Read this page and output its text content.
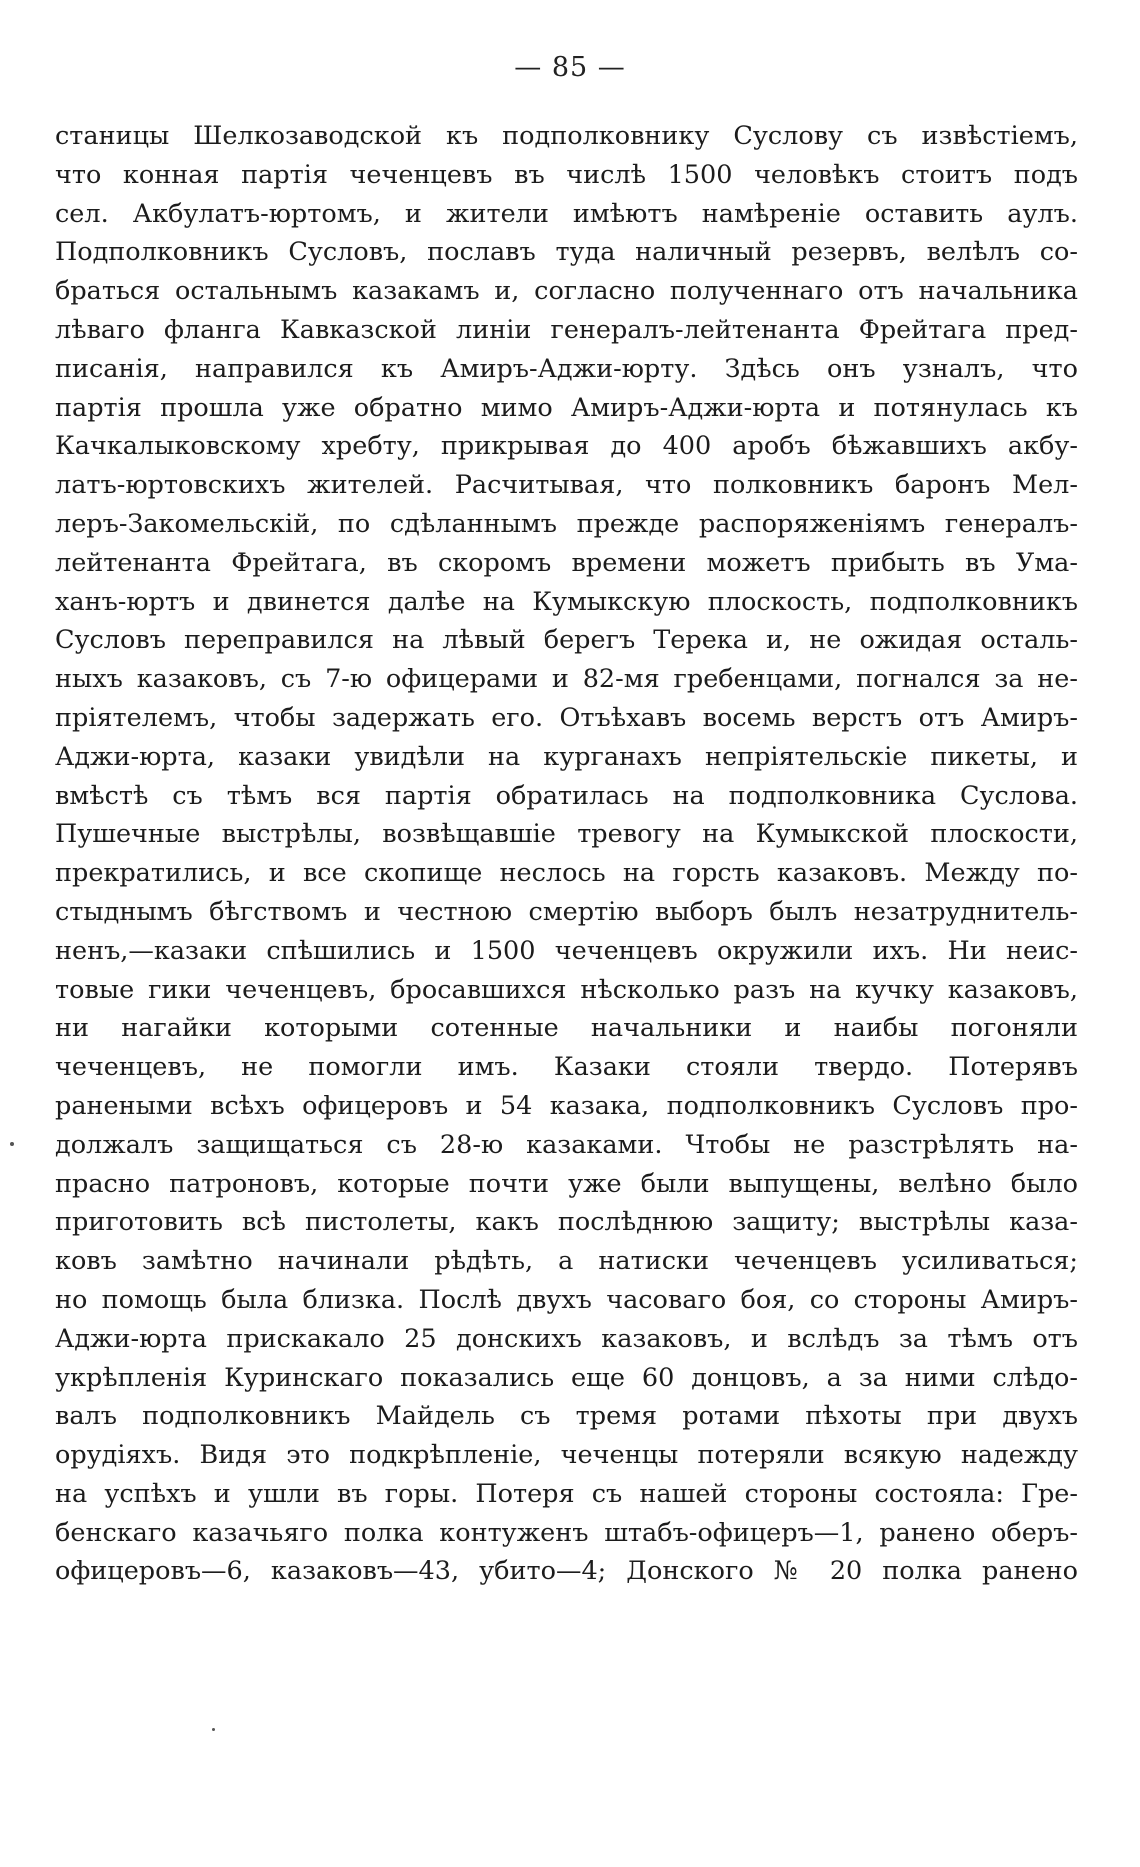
— 85 —
станицы Шелкозаводской къ подполковнику Суслову съ извѣстіемъ,
что конная партія чеченцевъ въ числѣ 1500 человѣкъ стоитъ подъ
сел. Акбулатъ-юртомъ, и жители имѣютъ намѣреніе оставить аулъ.
Подполковникъ Сусловъ, пославъ туда наличный резервъ, велѣлъ со-
браться остальнымъ казакамъ и, согласно полученнаго отъ начальника
лѣваго фланга Кавказской линіи генералъ-лейтенанта Фрейтага пред-
писанія, направился къ Амиръ-Аджи-юрту. Здѣсь онъ узналъ, что
партія прошла уже обратно мимо Амиръ-Аджи-юрта и потянулась къ
Качкалыковскому хребту, прикрывая до 400 аробъ бѣжавшихъ акбу-
латъ-юртовскихъ жителей. Расчитывая, что полковникъ баронъ Мел-
леръ-Закомельскій, по сдѣланнымъ прежде распоряженіямъ генералъ-
лейтенанта Фрейтага, въ скоромъ времени можетъ прибыть въ Ума-
ханъ-юртъ и двинется далѣе на Кумыкскую плоскость, подполковникъ
Сусловъ переправился на лѣвый берегъ Терека и, не ожидая осталь-
ныхъ казаковъ, съ 7-ю офицерами и 82-мя гребенцами, погнался за не-
пріятелемъ, чтобы задержать его. Отъѣхавъ восемь верстъ отъ Амиръ-
Аджи-юрта, казаки увидѣли на курганахъ непріятельскіе пикеты, и
вмѣстѣ съ тѣмъ вся партія обратилась на подполковника Суслова.
Пушечные выстрѣлы, возвѣщавшіе тревогу на Кумыкской плоскости,
прекратились, и все скопище неслось на горсть казаковъ. Между по-
стыднымъ бѣгствомъ и честною смертію выборъ былъ незатруднитель-
ненъ,—казаки спѣшились и 1500 чеченцевъ окружили ихъ. Ни неис-
товые гики чеченцевъ, бросавшихся нѣсколько разъ на кучку казаковъ,
ни нагайки которыми сотенные начальники и наибы погоняли
чеченцевъ, не помогли имъ. Казаки стояли твердо. Потерявъ
ранеными всѣхъ офицеровъ и 54 казака, подполковникъ Сусловъ про-
должалъ защищаться съ 28-ю казаками. Чтобы не разстрѣлять на-
прасно патроновъ, которые почти уже были выпущены, велѣно было
приготовить всѣ пистолеты, какъ послѣднюю защиту; выстрѣлы каза-
ковъ замѣтно начинали рѣдѣть, а натиски чеченцевъ усиливаться;
но помощь была близка. Послѣ двухъ часоваго боя, со стороны Амиръ-
Аджи-юрта прискакало 25 донскихъ казаковъ, и вслѣдъ за тѣмъ отъ
укрѣпленія Куринскаго показались еще 60 донцовъ, а за ними слѣдо-
валъ подполковникъ Майдель съ тремя ротами пѣхоты при двухъ
орудіяхъ. Видя это подкрѣпленіе, чеченцы потеряли всякую надежду
на успѣхъ и ушли въ горы. Потеря съ нашей стороны состояла: Гре-
бенскаго казачьяго полка контуженъ штабъ-офицеръ—1, ранено оберъ-
офицеровъ—6, казаковъ—43, убито—4; Донского № 20 полка ранено
